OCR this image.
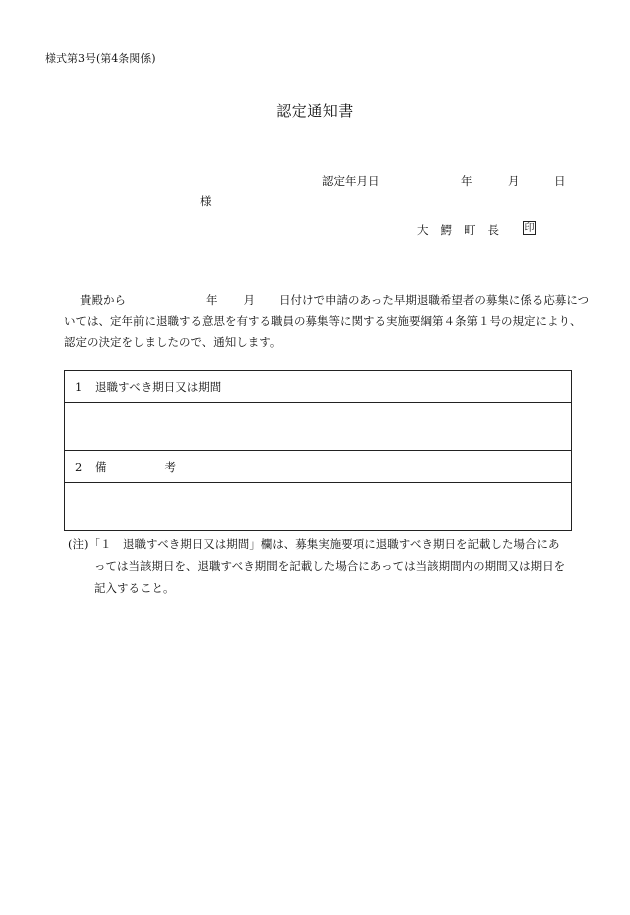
様式第3号(第4条関係)
認定通知書
認定年月日	年	月	日
様
大 鰐 町 長	印
貴殿から	年 月 日付けで申請のあった早期退職希望者の募集に係る応募につ
いては、定年前に退職する意思を有する職員の募集等に関する実施要綱第４条第１号の規定により、
認定の決定をしましたので、通知します。
1 退職すべき期日又は期間

2 備	考

(注)「１　退職すべき期日又は期間」欄は、募集実施要項に退職すべき期日を記載した場合にあ
っては当該期日を、退職すべき期間を記載した場合にあっては当該期間内の期間又は期日を
記入すること。
